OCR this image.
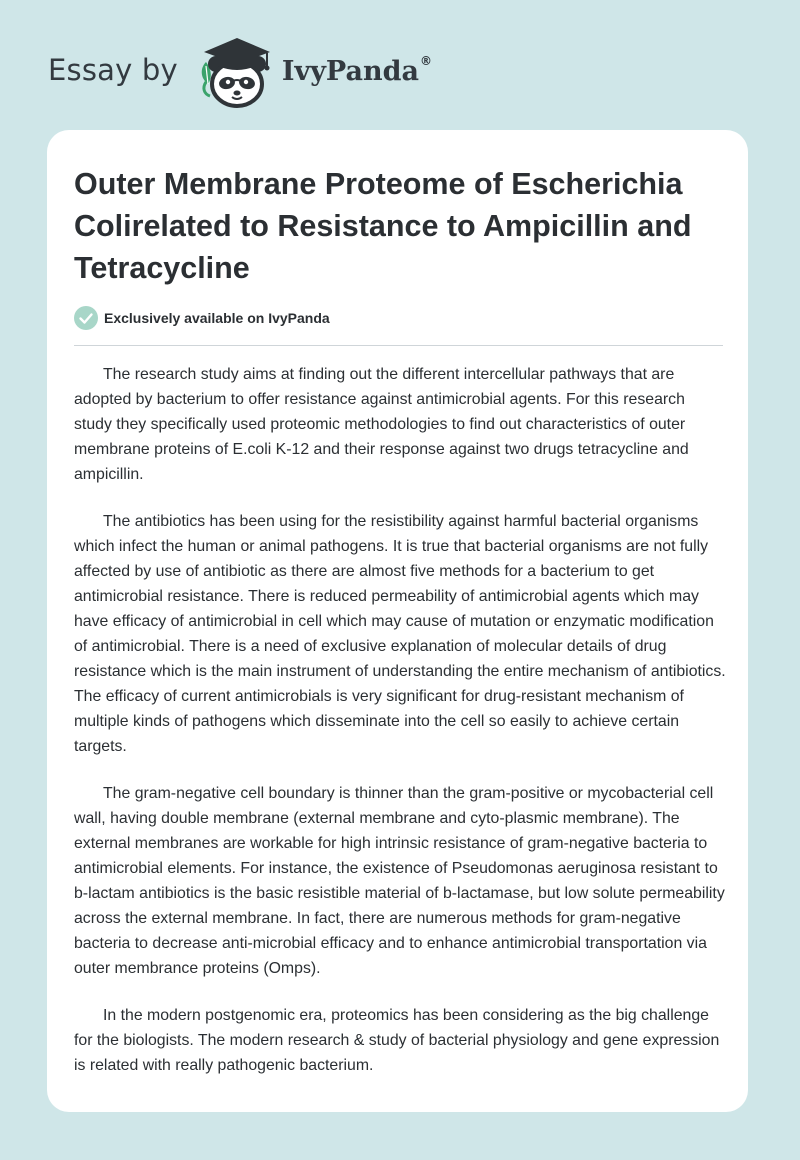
Essay by	IvyPanda®
Outer Membrane Proteome of Escherichia Colirelated to Resistance to Ampicillin and Tetracycline
Exclusively available on IvyPanda

The research study aims at finding out the different intercellular pathways that are adopted by bacterium to offer resistance against antimicrobial agents. For this research study they specifically used proteomic methodologies to find out characteristics of outer membrane proteins of E.coli K-12 and their response against two drugs tetracycline and ampicillin.

The antibiotics has been using for the resistibility against harmful bacterial organisms which infect the human or animal pathogens. It is true that bacterial organisms are not fully affected by use of antibiotic as there are almost five methods for a bacterium to get antimicrobial resistance. There is reduced permeability of antimicrobial agents which may have efficacy of antimicrobial in cell which may cause of mutation or enzymatic modification of antimicrobial. There is a need of exclusive explanation of molecular details of drug resistance which is the main instrument of understanding the entire mechanism of antibiotics. The efficacy of current antimicrobials is very significant for drug-resistant mechanism of multiple kinds of pathogens which disseminate into the cell so easily to achieve certain targets.

The gram-negative cell boundary is thinner than the gram-positive or mycobacterial cell wall, having double membrane (external membrane and cyto-plasmic membrane). The external membranes are workable for high intrinsic resistance of gram-negative bacteria to antimicrobial elements. For instance, the existence of Pseudomonas aeruginosa resistant to b-lactam antibiotics is the basic resistible material of b-lactamase, but low solute permeability across the external membrane. In fact, there are numerous methods for gram-negative bacteria to decrease anti-microbial efficacy and to enhance antimicrobial transportation via outer membrance proteins (Omps).

In the modern postgenomic era, proteomics has been considering as the big challenge for the biologists. The modern research & study of bacterial physiology and gene expression is related with really pathogenic bacterium.
